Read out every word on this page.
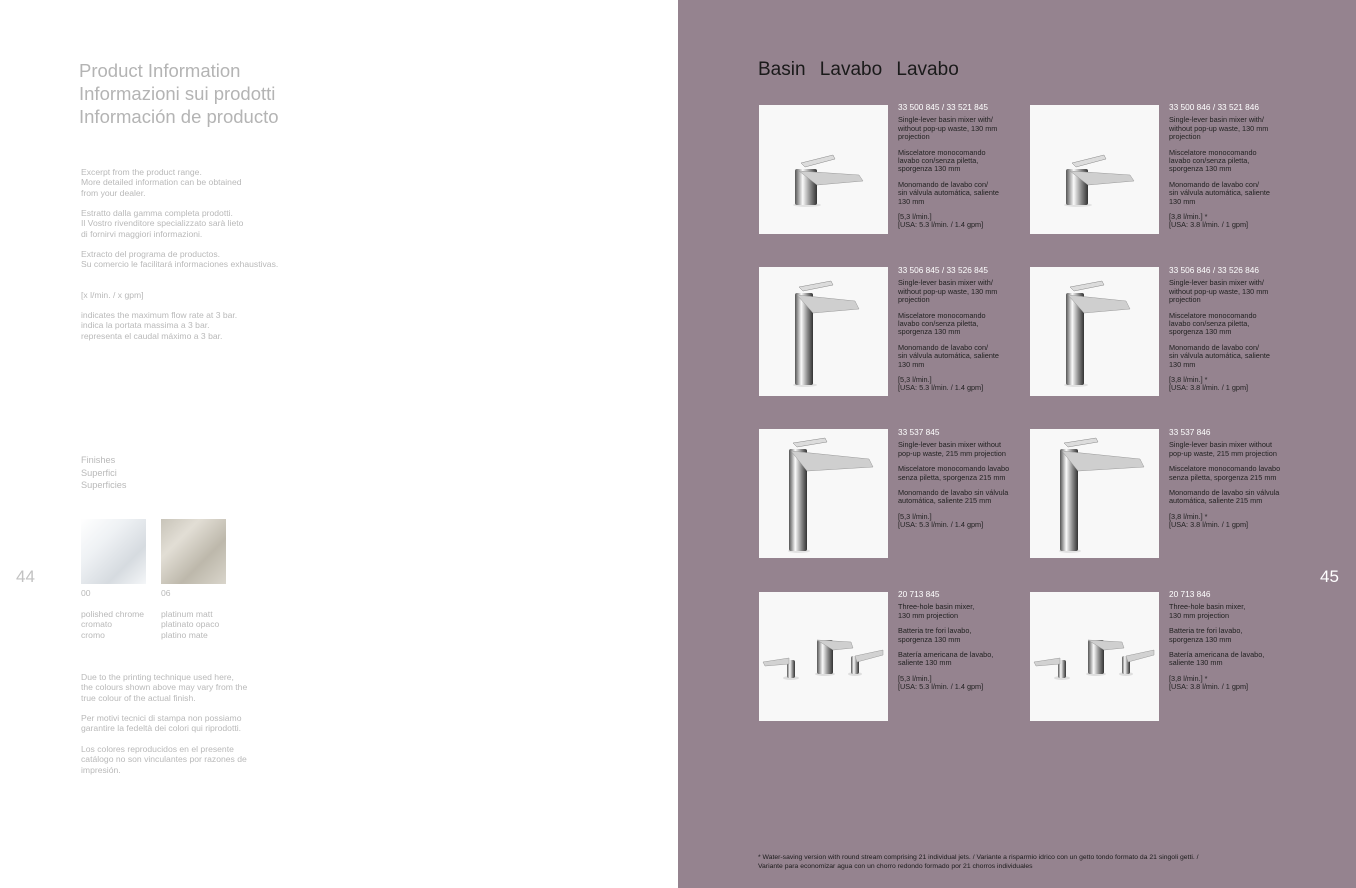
Product Information
Informazioni sui prodotti
Información de producto
Excerpt from the product range.
More detailed information can be obtained
from your dealer.
Estratto dalla gamma completa prodotti.
Il Vostro rivenditore specializzato sarà lieto
di fornirvi maggiori informazioni.
Extracto del programa de productos.
Su comercio le facilitará informaciones exhaustivas.
[x l/min. / x gpm]
indicates the maximum flow rate at 3 bar.
indica la portata massima a 3 bar.
representa el caudal máximo a 3 bar.
Finishes
Superfici
Superficies
00	06
polished chrome
cromato
cromo
platinum matt
platinato opaco
platino mate
Due to the printing technique used here,
the colours shown above may vary from the
true colour of the actual finish.
Per motivi tecnici di stampa non possiamo
garantire la fedeltà dei colori qui riprodotti.
Los colores reproducidos en el presente
catálogo no son vinculantes por razones de
impresión.
44	45
Basin Lavabo Lavabo
33 500 845 / 33 521 845
Single-lever basin mixer with/
without pop-up waste, 130 mm
projection
Miscelatore monocomando
lavabo con/senza piletta,
sporgenza 130 mm
Monomando de lavabo con/
sin válvula automática, saliente
130 mm
[5,3 l/min.]
[USA: 5.3 l/min. / 1.4 gpm]
33 500 846 / 33 521 846
Single-lever basin mixer with/
without pop-up waste, 130 mm
projection
Miscelatore monocomando
lavabo con/senza piletta,
sporgenza 130 mm
Monomando de lavabo con/
sin válvula automática, saliente
130 mm
[3,8 l/min.] *
[USA: 3.8 l/min. / 1 gpm]
33 506 845 / 33 526 845
Single-lever basin mixer with/
without pop-up waste, 130 mm
projection
Miscelatore monocomando
lavabo con/senza piletta,
sporgenza 130 mm
Monomando de lavabo con/
sin válvula automática, saliente
130 mm
[5,3 l/min.]
[USA: 5.3 l/min. / 1.4 gpm]
33 506 846 / 33 526 846
Single-lever basin mixer with/
without pop-up waste, 130 mm
projection
Miscelatore monocomando
lavabo con/senza piletta,
sporgenza 130 mm
Monomando de lavabo con/
sin válvula automática, saliente
130 mm
[3,8 l/min.] *
[USA: 3.8 l/min. / 1 gpm]
33 537 845
Single-lever basin mixer without
pop-up waste, 215 mm projection
Miscelatore monocomando lavabo
senza piletta, sporgenza 215 mm
Monomando de lavabo sin válvula
automática, saliente 215 mm
[5,3 l/min.]
[USA: 5.3 l/min. / 1.4 gpm]
33 537 846
Single-lever basin mixer without
pop-up waste, 215 mm projection
Miscelatore monocomando lavabo
senza piletta, sporgenza 215 mm
Monomando de lavabo sin válvula
automática, saliente 215 mm
[3,8 l/min.] *
[USA: 3.8 l/min. / 1 gpm]
20 713 845
Three-hole basin mixer,
130 mm projection
Batteria tre fori lavabo,
sporgenza 130 mm
Batería americana de lavabo,
saliente 130 mm
[5,3 l/min.]
[USA: 5.3 l/min. / 1.4 gpm]
20 713 846
Three-hole basin mixer,
130 mm projection
Batteria tre fori lavabo,
sporgenza 130 mm
Batería americana de lavabo,
saliente 130 mm
[3,8 l/min.] *
[USA: 3.8 l/min. / 1 gpm]
* Water-saving version with round stream comprising 21 individual jets. / Variante a risparmio idrico con un getto tondo formato da 21 singoli getti. /
Variante para economizar agua con un chorro redondo formado por 21 chorros individuales
